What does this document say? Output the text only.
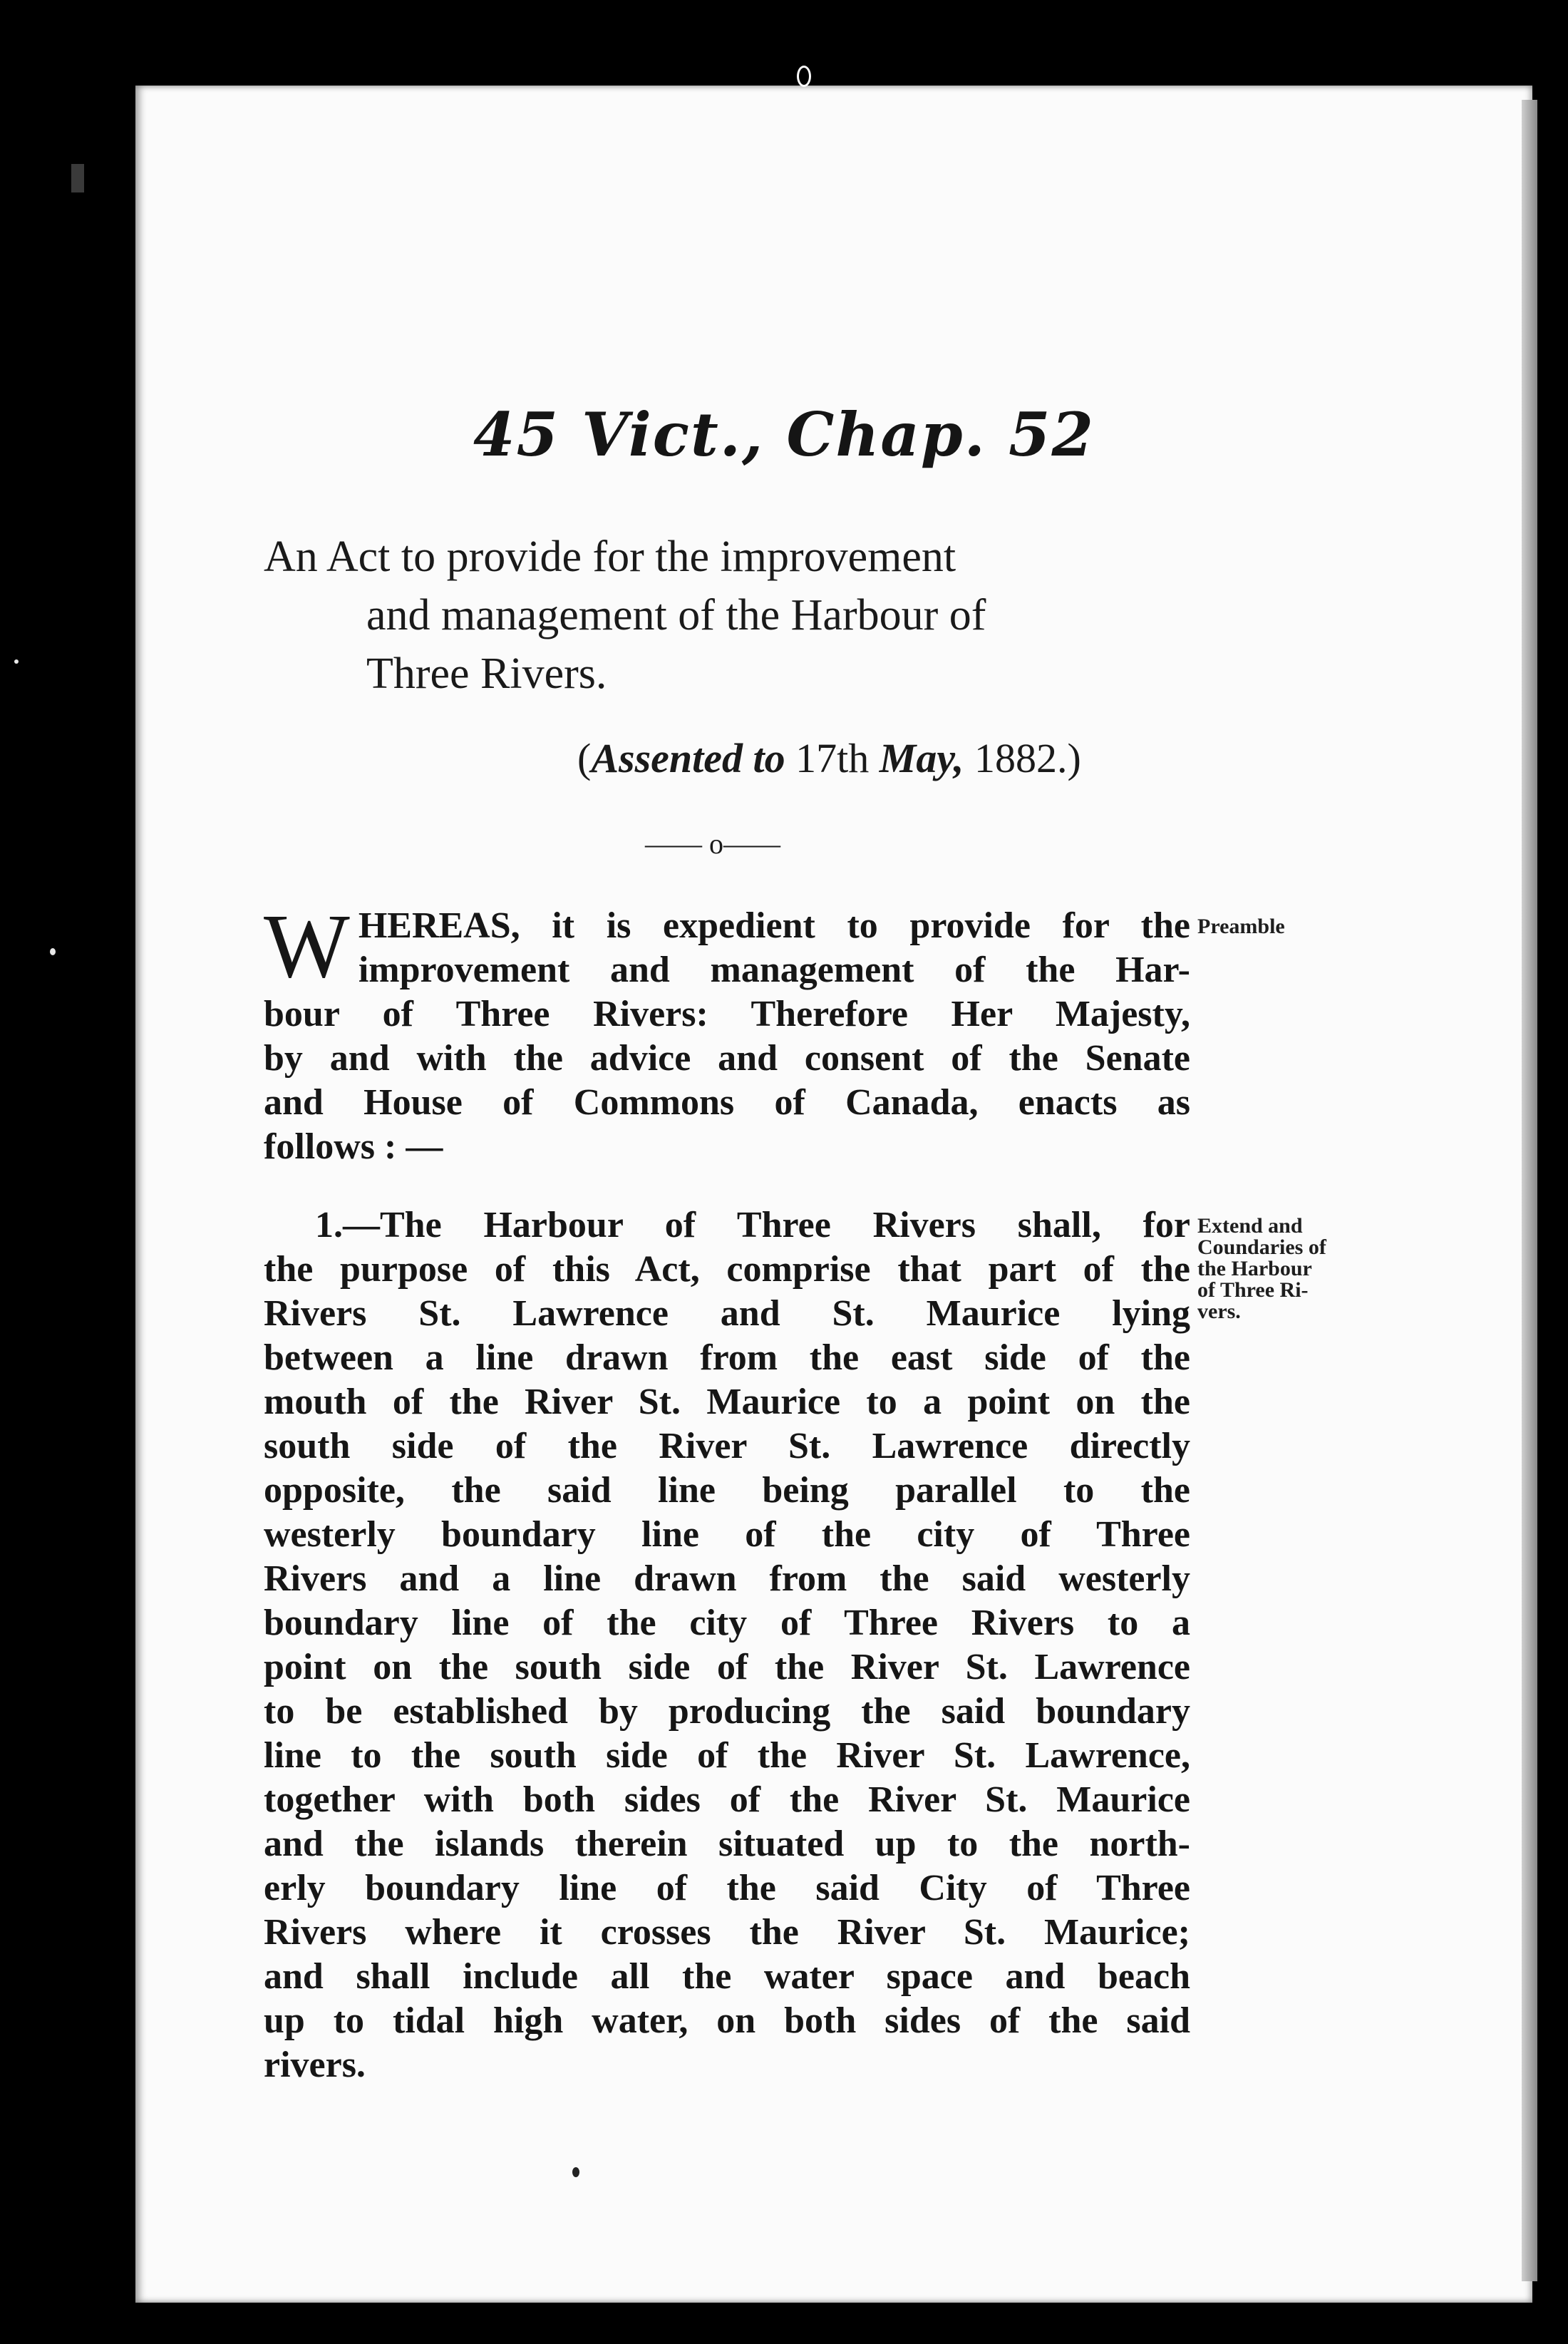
45 Vict., Chap. 52
An Act to provide for the improvement
and management of the Harbour of
Three Rivers.
(Assented to 17th May, 1882.)
—— o——
W HEREAS, it is expedient to provide for the
improvement and management of the Har-
bour of Three Rivers: Therefore Her Majesty,
by and with the advice and consent of the Senate
and House of Commons of Canada, enacts as
follows : —
Preamble
1.—The Harbour of Three Rivers shall, for
the purpose of this Act, comprise that part of the
Rivers St. Lawrence and St. Maurice lying
between a line drawn from the east side of the
mouth of the River St. Maurice to a point on the
south side of the River St. Lawrence directly
opposite, the said line being parallel to the
westerly boundary line of the city of Three
Rivers and a line drawn from the said westerly
boundary line of the city of Three Rivers to a
point on the south side of the River St. Lawrence
to be established by producing the said boundary
line to the south side of the River St. Lawrence,
together with both sides of the River St. Maurice
and the islands therein situated up to the north-
erly boundary line of the said City of Three
Rivers where it crosses the River St. Maurice;
and shall include all the water space and beach
up to tidal high water, on both sides of the said
rivers.
Extend and
Coundaries of
the Harbour
of Three Ri-
vers.
